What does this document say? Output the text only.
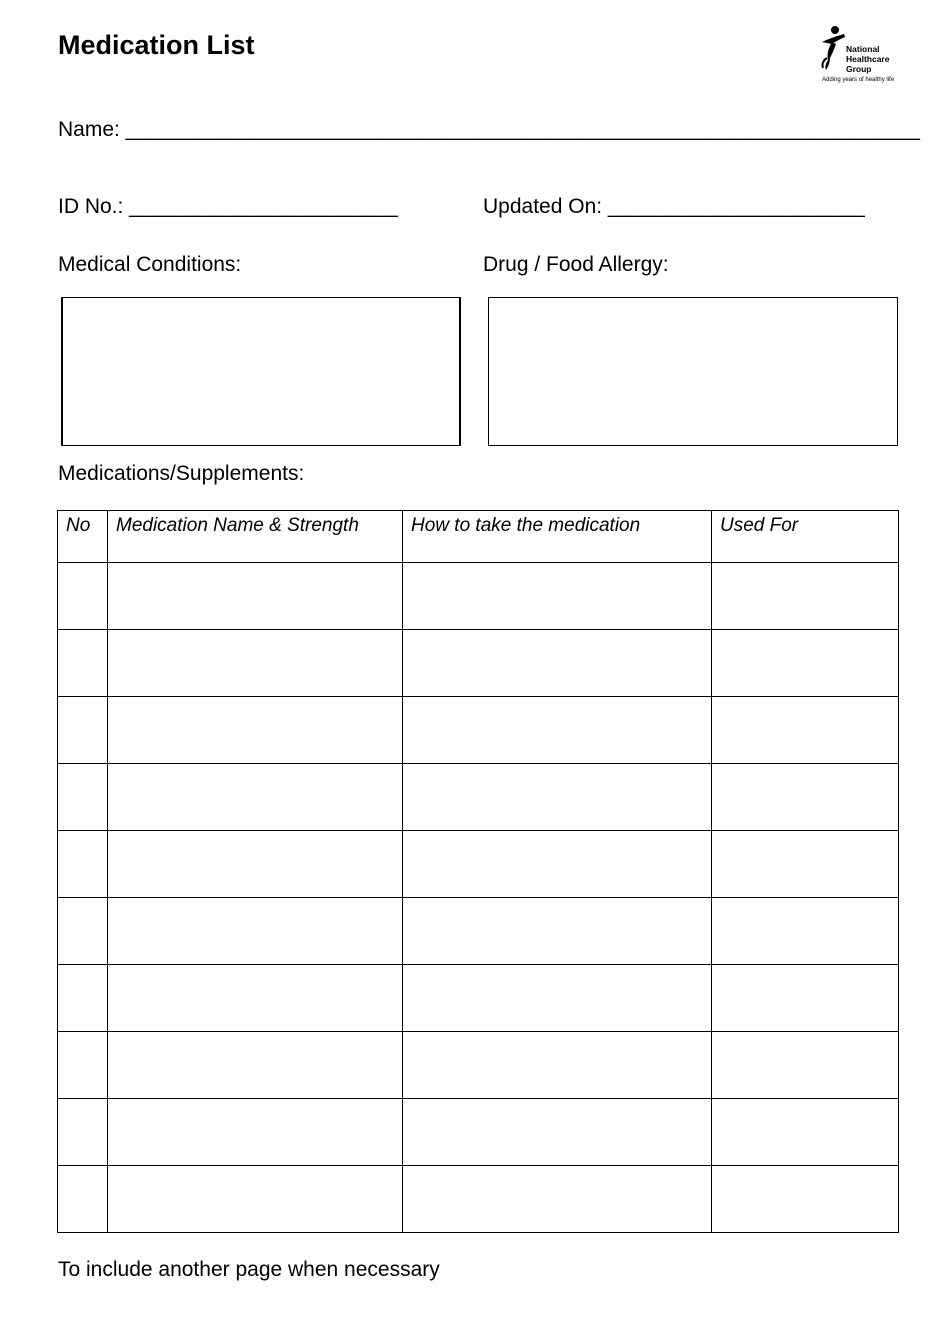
Medication List	National
Healthcare
Group
Adding years of healthy life
Name: ____________________________________________________________________
ID No.: _______________________	Updated On: ______________________
Medical Conditions:	Drug / Food Allergy:
Medications/Supplements:
No	Medication Name & Strength	How to take the medication	Used For

To include another page when necessary
